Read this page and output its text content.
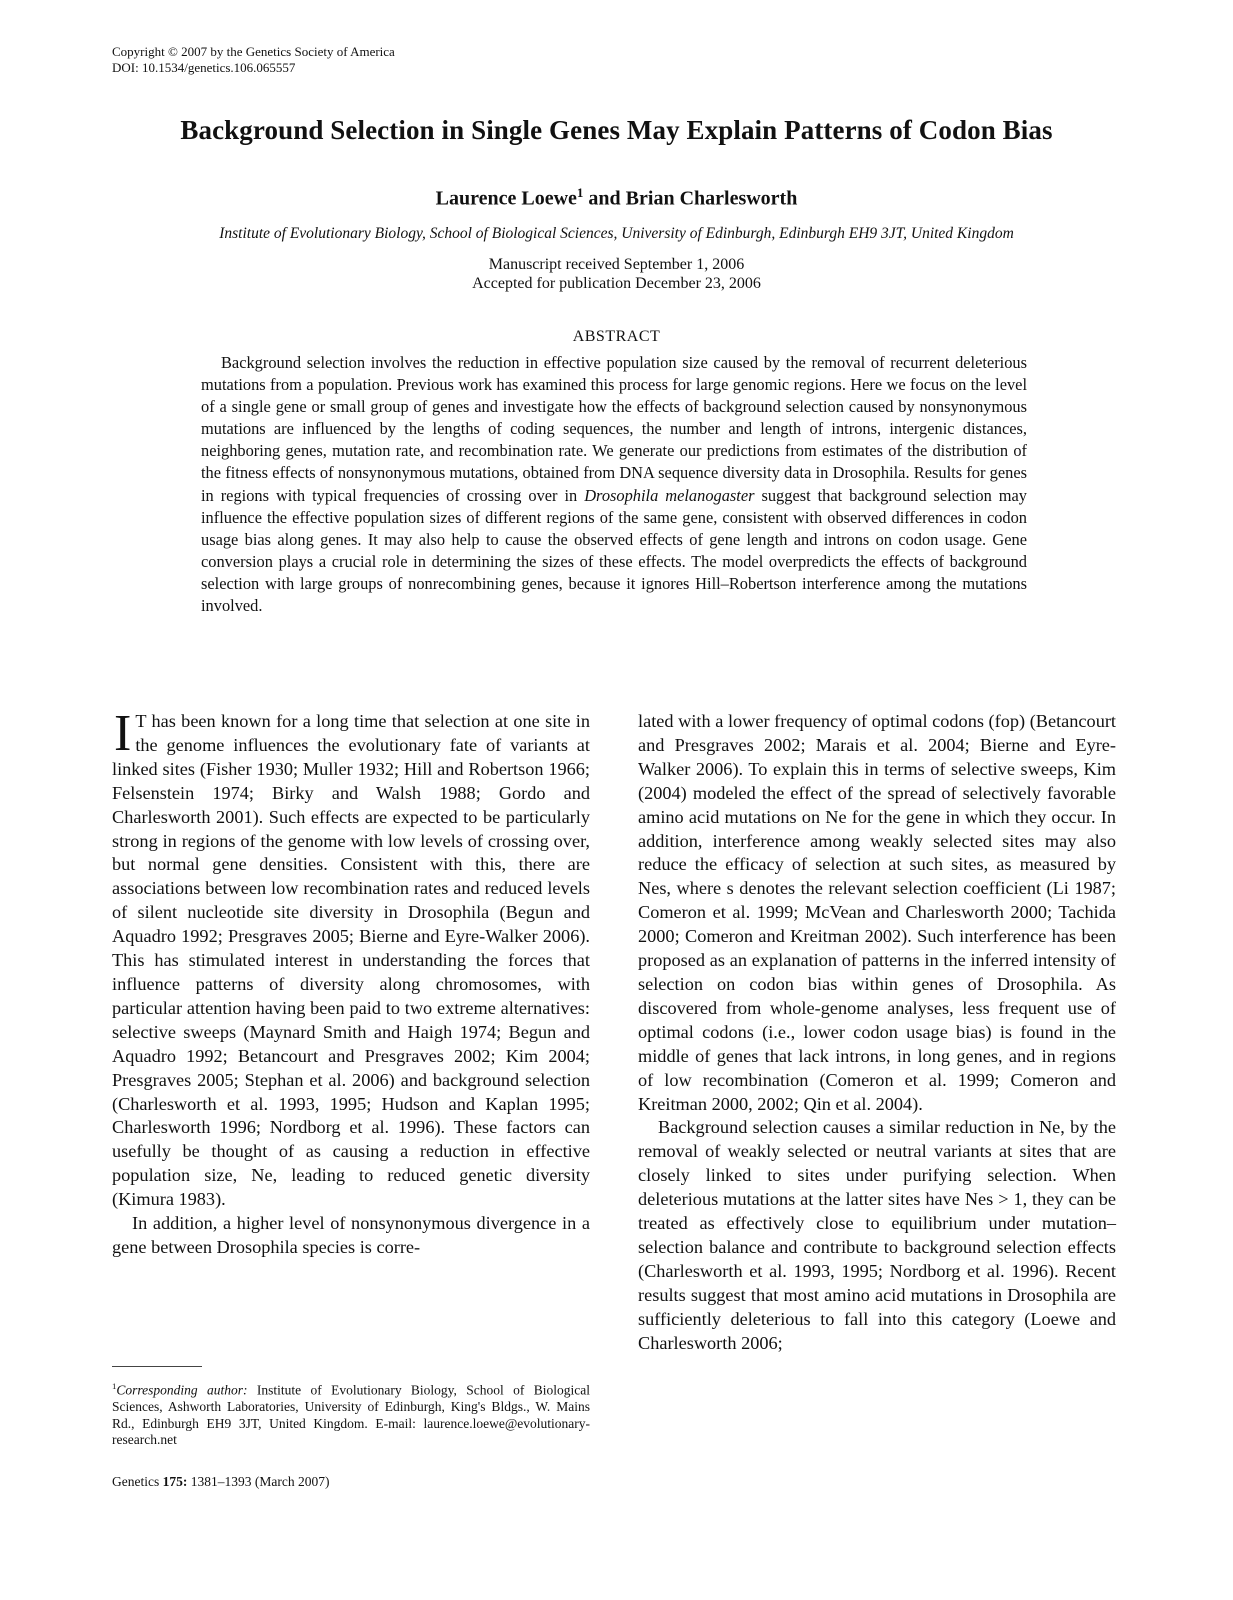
Copyright © 2007 by the Genetics Society of America
DOI: 10.1534/genetics.106.065557
Background Selection in Single Genes May Explain Patterns of Codon Bias
Laurence Loewe$^1$ and Brian Charlesworth
Institute of Evolutionary Biology, School of Biological Sciences, University of Edinburgh, Edinburgh EH9 3JT, United Kingdom
Manuscript received September 1, 2006
Accepted for publication December 23, 2006
ABSTRACT
Background selection involves the reduction in effective population size caused by the removal of recurrent deleterious mutations from a population. Previous work has examined this process for large genomic regions. Here we focus on the level of a single gene or small group of genes and investigate how the effects of background selection caused by nonsynonymous mutations are influenced by the lengths of coding sequences, the number and length of introns, intergenic distances, neighboring genes, mutation rate, and recombination rate. We generate our predictions from estimates of the distribution of the fitness effects of nonsynonymous mutations, obtained from DNA sequence diversity data in Drosophila. Results for genes in regions with typical frequencies of crossing over in Drosophila melanogaster suggest that background selection may influence the effective population sizes of different regions of the same gene, consistent with observed differences in codon usage bias along genes. It may also help to cause the observed effects of gene length and introns on codon usage. Gene conversion plays a crucial role in determining the sizes of these effects. The model overpredicts the effects of background selection with large groups of nonrecombining genes, because it ignores Hill–Robertson interference among the mutations involved.

I T has been known for a long time that selection at one site in the genome influences the evolutionary fate of variants at linked sites (Fisher 1930; Muller 1932; Hill and Robertson 1966; Felsenstein 1974; Birky and Walsh 1988; Gordo and Charlesworth 2001). Such effects are expected to be particularly strong in regions of the genome with low levels of crossing over, but normal gene densities. Consistent with this, there are associations between low recombination rates and reduced levels of silent nucleotide site diversity in Drosophila (Begun and Aquadro 1992; Presgraves 2005; Bierne and Eyre-Walker 2006). This has stimulated interest in understanding the forces that influence patterns of diversity along chromosomes, with particular attention having been paid to two extreme alternatives: selective sweeps (Maynard Smith and Haigh 1974; Begun and Aquadro 1992; Betancourt and Presgraves 2002; Kim 2004; Presgraves 2005; Stephan et al. 2006) and background selection (Charlesworth et al. 1993, 1995; Hudson and Kaplan 1995; Charlesworth 1996; Nordborg et al. 1996). These factors can usefully be thought of as causing a reduction in effective population size, Ne, leading to reduced genetic diversity (Kimura 1983).

In addition, a higher level of nonsynonymous divergence in a gene between Drosophila species is corre-

lated with a lower frequency of optimal codons (fop) (Betancourt and Presgraves 2002; Marais et al. 2004; Bierne and Eyre-Walker 2006). To explain this in terms of selective sweeps, Kim (2004) modeled the effect of the spread of selectively favorable amino acid mutations on Ne for the gene in which they occur. In addition, interference among weakly selected sites may also reduce the efficacy of selection at such sites, as measured by Nes, where s denotes the relevant selection coefficient (Li 1987; Comeron et al. 1999; McVean and Charlesworth 2000; Tachida 2000; Comeron and Kreitman 2002). Such interference has been proposed as an explanation of patterns in the inferred intensity of selection on codon bias within genes of Drosophila. As discovered from whole-genome analyses, less frequent use of optimal codons (i.e., lower codon usage bias) is found in the middle of genes that lack introns, in long genes, and in regions of low recombination (Comeron et al. 1999; Comeron and Kreitman 2000, 2002; Qin et al. 2004).

Background selection causes a similar reduction in Ne, by the removal of weakly selected or neutral variants at sites that are closely linked to sites under purifying selection. When deleterious mutations at the latter sites have Nes > 1, they can be treated as effectively close to equilibrium under mutation–selection balance and contribute to background selection effects (Charlesworth et al. 1993, 1995; Nordborg et al. 1996). Recent results suggest that most amino acid mutations in Drosophila are sufficiently deleterious to fall into this category (Loewe and Charlesworth 2006;

$^1$Corresponding author: Institute of Evolutionary Biology, School of Biological Sciences, Ashworth Laboratories, University of Edinburgh, King's Bldgs., W. Mains Rd., Edinburgh EH9 3JT, United Kingdom. E-mail: laurence.loewe@evolutionary-research.net
Genetics 175: 1381–1393 (March 2007)
